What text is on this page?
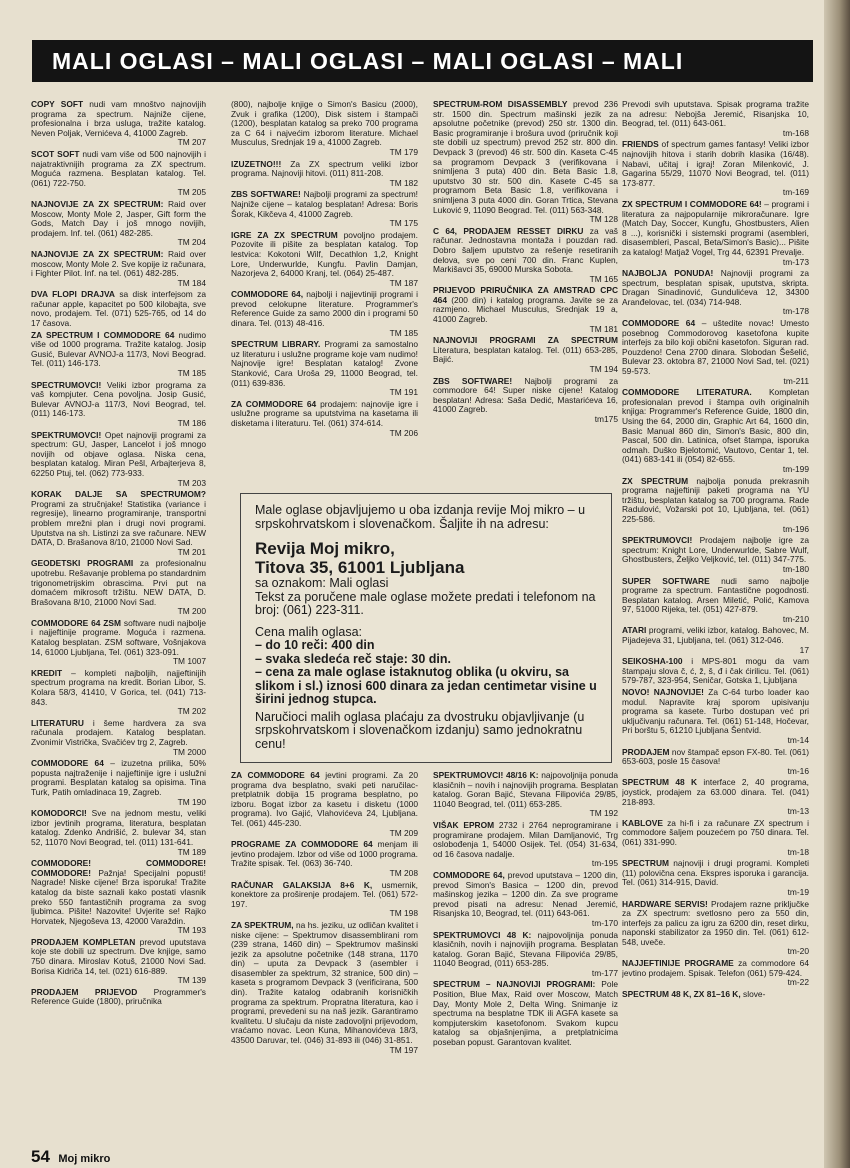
MALI OGLASI – MALI OGLASI – MALI OGLASI – MALI
COPY SOFT nudi vam mnoštvo najnovijih programa za spectrum. Najniže cijene, profesionalna i brza usluga, tražite katalog. Neven Poljak, Vernićeva 4, 41000 Zagreb.
TM 207
SCOT SOFT nudi vam više od 500 najnovijih i najatraktivnijih programa za ZX spectrum. Moguća razmena. Besplatan katalog. Tel. (061) 722-750.
TM 205
NAJNOVIJE ZA ZX SPECTRUM: Raid over Moscow, Monty Mole 2, Jasper, Gift form the Gods, Match Day i još mnogo novijih, prodajem. Inf. tel. (061) 482-285.
TM 204
NAJNOVIJE ZA ZX SPECTRUM: Raid over moscow, Monty Mole 2. Sve kopije iz računara, i Fighter Pilot. Inf. na tel. (061) 482-285.
TM 184
DVA FLOPI DRAJVA sa disk interfejsom za računar apple, kapacitet po 500 kilobajta, sve novo, prodajem. Tel. (071) 525-765, od 14 do 17 časova.
ZA SPECTRUM I COMMODORE 64 nudimo više od 1000 programa. Tražite katalog. Josip Gusić, Bulevar AVNOJ-a 117/3, Novi Beograd. Tel. (011) 146-173.
TM 185
SPECTRUMOVCI! Veliki izbor programa za vaš kompjuter. Cena povoljna. Josip Gusić, Bulevar AVNOJ-a 117/3, Novi Beograd, tel. (011) 146-173.
TM 186
SPEKTRUMOVCI! Opet najnoviji programi za spectrum: GU, Jasper, Lancelot i još mnogo novijih od objave oglasa. Niska cena, besplatan katalog. Miran Pešl, Arbajterjeva 8, 62250 Ptuj, tel. (062) 773-933.
TM 203
KORAK DALJE SA SPECTRUMOM? Programi za stručnjake! Statistika (variance i regresije), linearno programiranje, transportni problem mrežni plan i drugi novi programi. Uputstva na sh. Listinzi za sve računare. NEW DATA, D. Brašanova 8/10, 21000 Novi Sad.
TM 201
GEODETSKI PROGRAMI za profesionalnu upotrebu. Rešavanje problema po standardnim trigonometrijskim obrascima. Prvi put na domaćem mikrosoft tržištu. NEW DATA, D. Brašovana 8/10, 21000 Novi Sad.
TM 200
COMMODORE 64 ZSM software nudi najbolje i najjeftinije programe. Moguća i razmena. Katalog besplatan. ZSM software, Vošnjakova 14, 61000 Ljubljana, Tel. (061) 323-091.
TM 1007
KREDIT – kompleti najboljih, najjeftinijih spectrum programa na kredit. Borian Libor, S. Kolara 58/3, 41410, V Gorica, tel. (041) 713-843.
TM 202
LITERATURU i šeme hardvera za sva računala prodajem. Katalog besplatan. Zvonimir Vistrička, Svačićev trg 2, Zagreb.
TM 2000
COMMODORE 64 – izuzetna prilika, 50% popusta najtraženije i najjeftinije igre i uslužni programi. Besplatan katalog sa opisima. Tina Turk, Patih omladinaca 19, Zagreb.
TM 190
KOMODORCI! Sve na jednom mestu, veliki izbor jevtinih programa, literatura, besplatan katalog. Zdenko Andrišić, 2. bulevar 34, stan 52, 11070 Novi Beograd, tel. (011) 131-641.
TM 189
COMMODORE! COMMODORE! COMMODORE! Pažnja! Specijalni popusti! Nagrade! Niske cijene! Brza isporuka! Tražite katalog da biste saznali kako postati vlasnik preko 550 fantastičnih programa za svog ljubimca. Pišite! Nazovite! Uvjerite se! Rajko Horvatek, Njegoševa 13, 42000 Varaždin.
TM 193
PRODAJEM KOMPLETAN prevod uputstava koje ste dobili uz spectrum. Dve knjige, samo 750 dinara. Miroslav Kotuš, 21000 Novi Sad. Borisa Kidriča 14, tel. (021) 616-889.
TM 139
PRODAJEM PRIJEVOD Programmer's Reference Guide (1800), priručnika
(800), najbolje knjige o Simon's Basicu (2000), Zvuk i grafika (1200), Disk sistem i štampači (1200), besplatan katalog sa preko 700 programa za C 64 i najvećim izborom literature. Michael Musculus, Srednjak 19 a, 41000 Zagreb.
TM 179
IZUZETNO!!! Za ZX spectrum veliki izbor programa. Najnoviji hitovi. (011) 811-208.
TM 182
ZBS SOFTWARE! Najbolji programi za spectrum! Najniže cijene – katalog besplatan! Adresa: Boris Šorak, Kikčeva 4, 41000 Zagreb.
TM 175
IGRE ZA ZX SPECTRUM povoljno prodajem. Pozovite ili pišite za besplatan katalog. Top lestvica: Kokotoni Wilf, Decathlon 1,2, Knight Lore, Underwurlde, Kungfu. Pavlin Damjan, Nazorjeva 2, 64000 Kranj, tel. (064) 25-487.
TM 187
COMMODORE 64, najbolji i najjevtiniji programi i prevod celokupne literature. Programmer's Reference Guide za samo 2000 din i programi 50 dinara. Tel. (013) 48-416.
TM 185
SPECTRUM LIBRARY. Programi za samostalno uz literaturu i uslužne programe koje vam nudimo! Najnovije igre! Besplatan katalog! Zvone Stanković, Cara Uroša 29, 11000 Beograd, tel. (011) 639-836.
TM 191
ZA COMMODORE 64 prodajem: najnovije igre i uslužne programe sa uputstvima na kasetama ili disketama i literaturu. Tel. (061) 374-614.
TM 206
SPECTRUM-ROM DISASSEMBLY prevod 236 str. 1500 din. Spectrum mašinski jezik za apsolutne početnike (prevod) 250 str. 1300 din. Basic programiranje i brošura uvod (priručnik koji ste dobili uz spectrum) prevod 252 str. 800 din. Devpack 3 (prevod) 46 str. 500 din. Kaseta C-45 sa programom Devpack 3 (verifikovana i snimljena 3 puta) 400 din. Beta Basic 1.8, uputstvo 30 str. 500 din. Kasete C-45 sa programom Beta Basic 1.8, verifikovana i snimljena 3 puta 4000 din. Goran Trtica, Stevana Luković 9, 11090 Beograd. Tel. (011) 563-348.
TM 128
C 64, PRODAJEM RESSET DIRKU za vaš računar. Jednostavna montaža i pouzdan rad. Dobro šaljem uputstvo za rešenje resetiranih delova, sve po ceni 700 din. Franc Kuplen, Markišavci 35, 69000 Murska Sobota.
TM 165
PRIJEVOD PRIRUČNIKA ZA AMSTRAD CPC 464 (200 din) i katalog programa. Javite se za razmjeno. Michael Musculus, Srednjak 19 a, 41000 Zagreb.
TM 181
NAJNOVIJI PROGRAMI ZA SPECTRUM Literatura, besplatan katalog. Tel. (011) 653-285, Bajić.
TM 194
ZBS SOFTWARE! Najbolji programi za commodore 64! Super niske cijene! Katalog besplatan! Adresa: Saša Dedić, Mastarićeva 16, 41000 Zagreb.
tm175
Prevodi svih uputstava. Spisak programa tražite na adresu: Nebojša Jeremić, Risanjska 10, Beograd, tel. (011) 643-061.
tm-168
FRIENDS of spectrum games fantasy! Veliki izbor najnovijih hitova i starih dobrih klasika (16/48). Nabavi, učitaj i igraj! Zoran Milenković, J. Gagarina 55/29, 11070 Novi Beograd, tel. (011) 173-877.
tm-169
ZX SPECTRUM I COMMODORE 64! – programi i literatura za najpopularnije mikroračunare. Igre (Match Day, Soccer, Kungfu, Ghostbusters, Alien 8 ...), korisnički i sistemski programi (asembleri, disasembleri, Pascal, Beta/Simon's Basic)... Pišite za katalog! Matjaž Vogel, Trg 44, 62391 Prevalje.
tm-173
NAJBOLJA PONUDA! Najnoviji programi za spectrum, besplatan spisak, uputstva, skripta. Dragan Sinadinović, Gundulićeva 12, 34300 Aranđelovac, tel. (034) 714-948.
tm-178
COMMODORE 64 – uštedite novac! Umesto posebnog Commodorovog kasetofona kupite interfejs za bilo koji obični kasetofon. Siguran rad. Pouzdeno! Cena 2700 dinara. Slobodan Šešelić, Bulevar 23. oktobra 87, 21000 Novi Sad, tel. (021) 59-573.
tm-211
COMMODORE LITERATURA. Kompletan profesionalan prevod i štampa ovih originalnih knjiga: Programmer's Reference Guide, 1800 din, Using the 64, 2000 din, Graphic Art 64, 1600 din, Basic Manual 860 din, Simon's Basic, 800 din, Pascal, 500 din. Latinica, ofset štampa, isporuka odmah. Duško Bjelotomić, Vautovo, Centar 1, tel. (041) 683-141 ili (054) 82-655.
tm-199
ZX SPECTRUM najbolja ponuda prekrasnih programa najjeftiniji paketi programa na YU tržištu, besplatan katalog sa 700 programa. Rade Radulović, Vožarski pot 10, Ljubljana, tel. (061) 225-586.
tm-196
SPEKTRUMOVCI! Prodajem najbolje igre za spectrum: Knight Lore, Underwurlde, Sabre Wulf, Ghostbusters, Željko Veljković, tel. (011) 347-775.
tm-180
SUPER SOFTWARE nudi samo najbolje programe za spectrum. Fantastične pogodnosti. Besplatan katalog. Arsen Miletić, Polić, Kamova 97, 51000 Rijeka, tel. (051) 427-879.
tm-210
ATARI programi, veliki izbor, katalog. Bahovec, M. Pijadejeva 31, Ljubljana, tel. (061) 312-046.
17
SEIKOSHA-100 i MPS-801 mogu da vam štampaju slova č, ć, ž, š, đ i čak ćirilicu. Tel. (061) 579-787, 323-954, Seničar, Gotska 1, Ljubljana
NOVO! NAJNOVIJE! Za C-64 turbo loader kao modul. Napravite kraj sporom upisivanju programa sa kasete. Turbo dostupan već pri uključivanju računara. Tel. (061) 51-148, Hočevar, Pri borštu 5, 61210 Ljubljana Šentvid.
tm-14
PRODAJEM nov štampač epson FX-80. Tel. (061) 653-603, posle 15 časova!
tm-16
SPECTRUM 48 K interface 2, 40 programa, joystick, prodajem za 63.000 dinara. Tel. (041) 218-893.
tm-13
KABLOVE za hi-fi i za računare ZX spectrum i commodore šaljem pouzećem po 750 dinara. Tel. (061) 331-990.
tm-18
SPECTRUM najnoviji i drugi programi. Kompleti (11) polovična cena. Ekspres isporuka i garancija. Tel. (061) 314-915, David.
tm-19
HARDWARE SERVIS! Prodajem razne priključke za ZX spectrum: svetlosno pero za 550 din, interfejs za palicu za igru za 6200 din, reset dirku, naponski stabilizator za 1950 din. Tel. (061) 612-548, uveče.
tm-20
NAJJEFTINIJE PROGRAME za commodore 64 jevtino prodajem. Spisak. Telefon (061) 579-424.
tm-22
SPECTRUM 48 K, ZX 81–16 K, slove-
ZA COMMODORE 64 jevtini programi. Za 20 programa dva besplatno, svaki peti naručilac-pretplatnik dobija 15 programa besplatno, po izboru. Bogat izbor za kasetu i disketu (1000 programa). Ivo Gajić, Vlahovićeva 24, Ljubljana. Tel. (061) 445-230.
TM 209
PROGRAME ZA COMMODORE 64 menjam ili jevtino prodajem. Izbor od više od 1000 programa. Tražite spisak. Tel. (063) 36-740.
TM 208
RAČUNAR GALAKSIJA 8+6 K, usmernik, konektore za proširenje prodajem. Tel. (061) 572-197.
TM 198
ZA SPEKTRUM, na hs. jeziku, uz odličan kvalitet i niske cijene: – Spektrumov disassemblirani rom (239 strana, 1460 din) – Spektrumov mašinski jezik za apsolutne početnike (148 strana, 1170 din) – uputa za Devpack 3 (asembler i disasembler za spektrum, 32 stranice, 500 din) – kaseta s programom Devpack 3 (verificirana, 500 din). Tražite katalog odabranih korisničkih programa za spektrum. Propratna literatura, kao i programi, prevedeni su na naš jezik. Garantiramo kvalitetu. U slučaju da niste zadovoljni prijevodom, vraćamo novac. Leon Kuna, Mihanovićeva 18/3, 43500 Daruvar, tel. (046) 31-893 ili (046) 31-851.
TM 197
SPEKTRUMOVCI! 48/16 K: najpovoljnija ponuda klasičnih – novih i najnovijih programa. Besplatan katalog. Goran Bajić, Stevana Filipovića 29/85, 11040 Beograd, tel. (011) 653-285.
TM 192
VIŠAK EPROM 2732 i 2764 neprogramirane i programirane prodajem. Milan Damljanović, Trg oslobođenja 1, 54000 Osijek. Tel. (054) 31-634, od 16 časova nadalje.
tm-195
COMMODORE 64, prevod uputstava – 1200 din, prevod Simon's Basica – 1200 din, prevod mašinskog jezika – 1200 din. Za sve programe prevod pisati na adresu: Nenad Jeremić, Risanjska 10, Beograd, tel. (011) 643-061.
tm-170
SPEKTRUMOVCI 48 K: najpovoljnija ponuda klasičnih, novih i najnovijih programa. Besplatan katalog. Goran Bajić, Stevana Filipovića 29/85, 11040 Beograd, (011) 653-285.
tm-177
SPECTRUM – NAJNOVIJI PROGRAMI: Pole Position, Blue Max, Raid over Moscow, Match Day, Monty Mole 2, Delta Wing. Snimanje iz spectruma na besplatne TDK ili AGFA kasete sa kompjuterskim kasetofonom. Svakom kupcu katalog sa objašnjenjima, a pretplatnicima poseban popust. Garantovan kvalitet.

Male oglase objavljujemo u oba izdanja revije Moj mikro – u srpskohrvatskom i slovenačkom. Šaljite ih na adresu:

Revija Moj mikro,

Titova 35, 61001 Ljubljana

sa oznakom: Mali oglasi

Tekst za poručene male oglase možete predati i telefonom na broj: (061) 223-311.

Cena malih oglasa:

– do 10 reči: 400 din
– svaka sledeća reč staje: 30 din.
– cena za male oglase istaknutog oblika (u okviru, sa slikom i sl.) iznosi 600 dinara za jedan centimetar visine u širini jednog stupca.

Naručioci malih oglasa plaćaju za dvostruku objavljivanje (u srpskohrvatskom i slovenačkom izdanju) samo jednokratnu cenu!

54 Moj mikro
